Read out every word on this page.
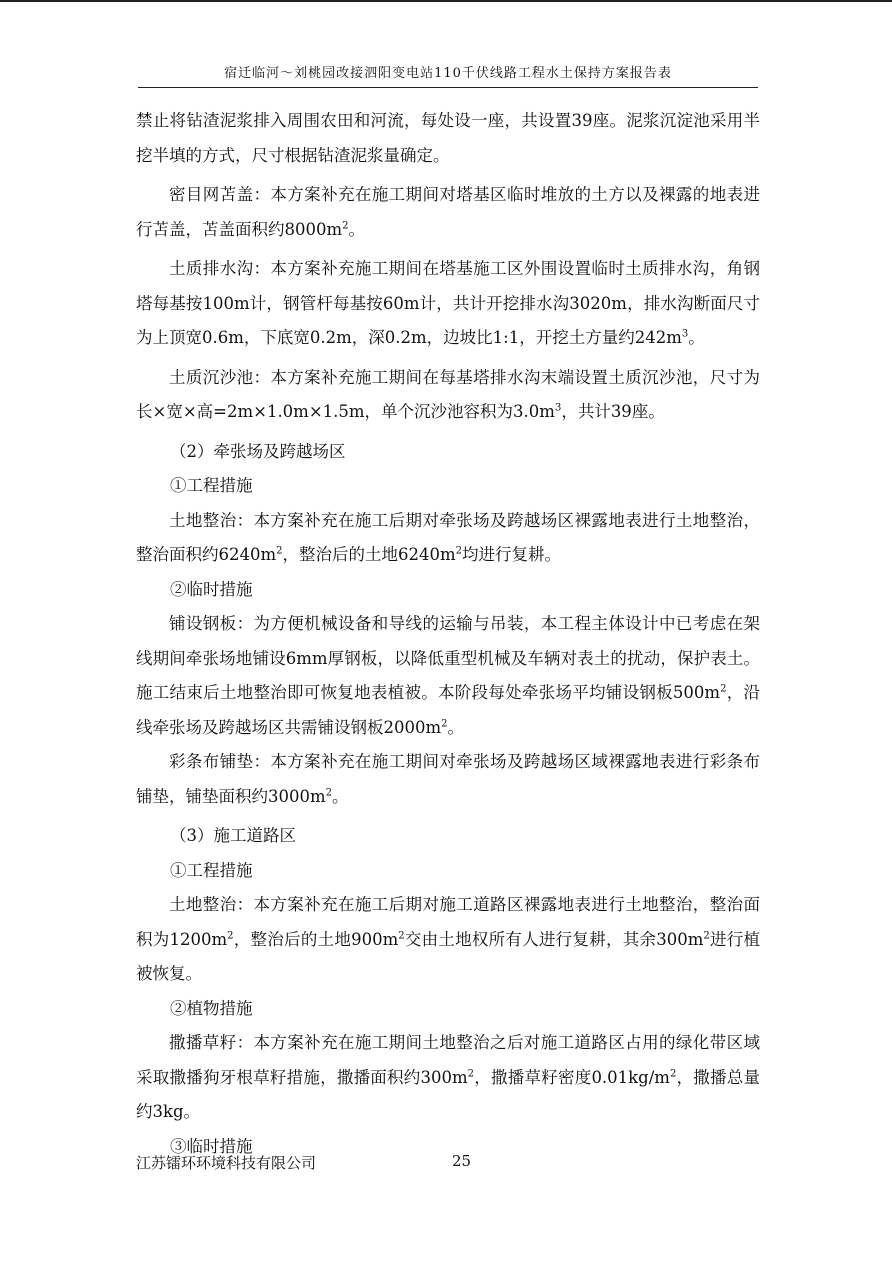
宿迁临河～刘桃园改接泗阳变电站110千伏线路工程水土保持方案报告表

禁止将钻渣泥浆排入周围农田和河流，每处设一座，共设置39座。泥浆沉淀池采用半挖半填的方式，尺寸根据钻渣泥浆量确定。

密目网苫盖：本方案补充在施工期间对塔基区临时堆放的土方以及裸露的地表进行苫盖，苫盖面积约$8000m^2$。

土质排水沟：本方案补充施工期间在塔基施工区外围设置临时土质排水沟，角钢塔每基按100m计，钢管杆每基按60m计，共计开挖排水沟3020m，排水沟断面尺寸为上顶宽0.6m，下底宽0.2m，深0.2m，边坡比1:1，开挖土方量约$242m^3$。

土质沉沙池：本方案补充施工期间在每基塔排水沟末端设置土质沉沙池，尺寸为长×宽×高=2m×1.0m×1.5m，单个沉沙池容积为$3.0m^3$，共计39座。

（2）牵张场及跨越场区

①工程措施

土地整治：本方案补充在施工后期对牵张场及跨越场区裸露地表进行土地整治，整治面积约$6240m^2$，整治后的土地$6240m^2$均进行复耕。

②临时措施

铺设钢板：为方便机械设备和导线的运输与吊装，本工程主体设计中已考虑在架线期间牵张场地铺设6mm厚钢板，以降低重型机械及车辆对表土的扰动，保护表土。施工结束后土地整治即可恢复地表植被。本阶段每处牵张场平均铺设钢板$500m^2$，沿线牵张场及跨越场区共需铺设钢板$2000m^2$。

彩条布铺垫：本方案补充在施工期间对牵张场及跨越场区域裸露地表进行彩条布铺垫，铺垫面积约$3000m^2$。

（3）施工道路区

①工程措施

土地整治：本方案补充在施工后期对施工道路区裸露地表进行土地整治，整治面积为$1200m^2$，整治后的土地$900m^2$交由土地权所有人进行复耕，其余$300m^2$进行植被恢复。

②植物措施

撒播草籽：本方案补充在施工期间土地整治之后对施工道路区占用的绿化带区域采取撒播狗牙根草籽措施，撒播面积约$300m^2$，撒播草籽密度$0.01kg/m^2$，撒播总量约3kg。

③临时措施

江苏镭环环境科技有限公司	25
